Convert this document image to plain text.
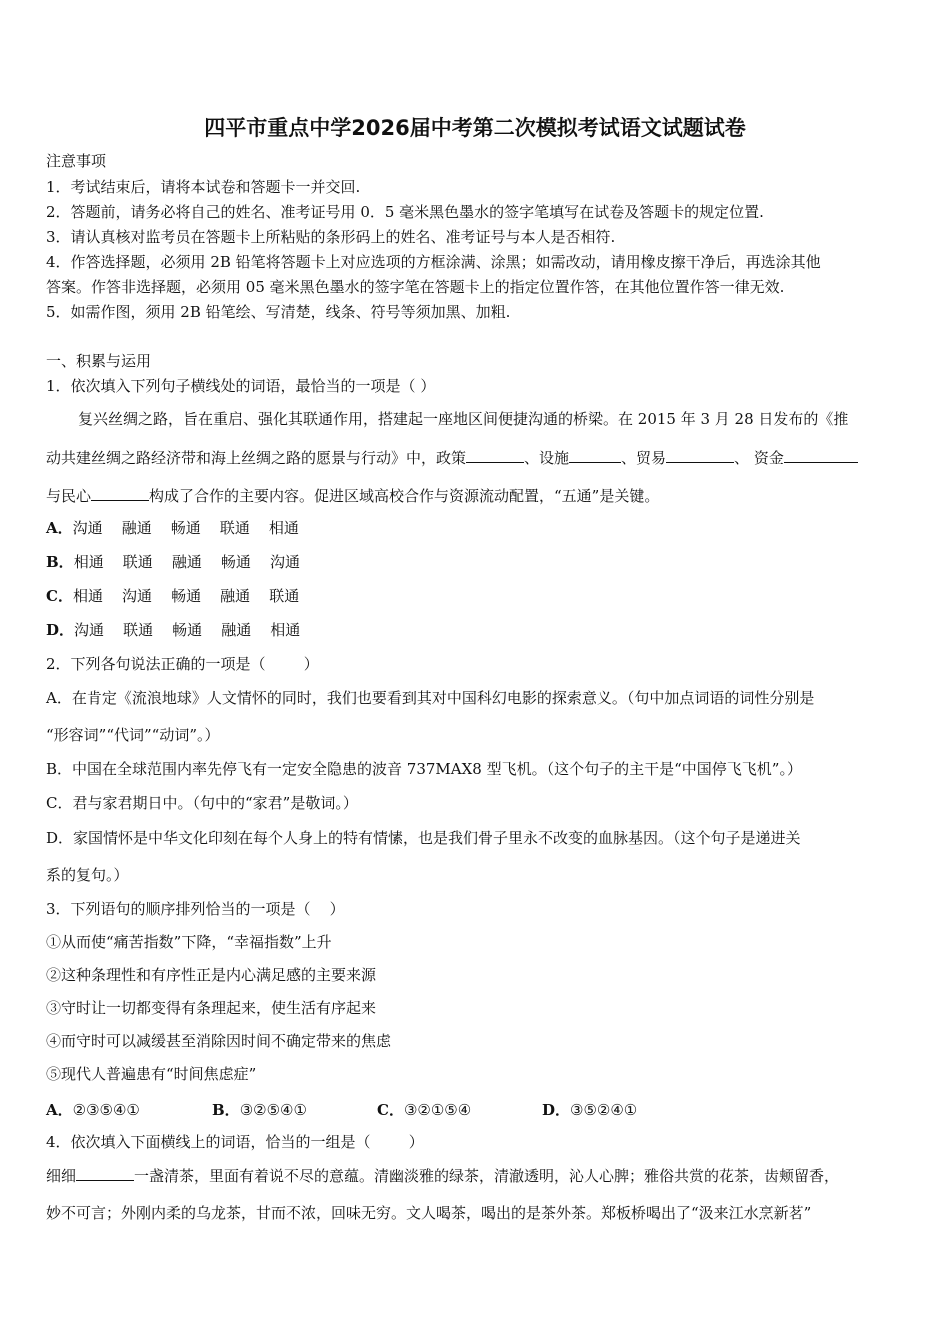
四平市重点中学2026届中考第二次模拟考试语文试题试卷
注意事项
1．考试结束后，请将本试卷和答题卡一并交回.
2．答题前，请务必将自己的姓名、准考证号用 0．5 毫米黑色墨水的签字笔填写在试卷及答题卡的规定位置.
3．请认真核对监考员在答题卡上所粘贴的条形码上的姓名、准考证号与本人是否相符.
4．作答选择题，必须用 2B 铅笔将答题卡上对应选项的方框涂满、涂黑；如需改动，请用橡皮擦干净后，再选涂其他
答案。作答非选择题，必须用 05 毫米黑色墨水的签字笔在答题卡上的指定位置作答，在其他位置作答一律无效.
5．如需作图，须用 2B 铅笔绘、写清楚，线条、符号等须加黑、加粗.
一、积累与运用
1．依次填入下列句子横线处的词语，最恰当的一项是（ ）
复兴丝绸之路，旨在重启、强化其联通作用，搭建起一座地区间便捷沟通的桥梁。在 2015 年 3 月 28 日发布的《推
动共建丝绸之路经济带和海上丝绸之路的愿景与行动》中，政策	、设施	、贸易	、 资金
与民心	构成了合作的主要内容。促进区域高校合作与资源流动配置，“五通”是关键。
A．沟通    融通    畅通    联通    相通
B．相通    联通    融通    畅通    沟通
C．相通    沟通    畅通    融通    联通
D．沟通    联通    畅通    融通    相通
2．下列各句说法正确的一项是（        ）
A．在肯定《流浪地球》人文情怀的同时，我们也要看到其对中国科幻电影的探索意义。（句中加点词语的词性分别是
“形容词”“代词”“动词”。）
B．中国在全球范围内率先停飞有一定安全隐患的波音 737MAX8 型飞机。（这个句子的主干是“中国停飞飞机”。）
C．君与家君期日中。（句中的“家君”是敬词。）
D．家国情怀是中华文化印刻在每个人身上的特有情愫，也是我们骨子里永不改变的血脉基因。（这个句子是递进关
系的复句。）
3．下列语句的顺序排列恰当的一项是（    ）
①从而使“痛苦指数”下降，“幸福指数”上升
②这种条理性和有序性正是内心满足感的主要来源
③守时让一切都变得有条理起来，使生活有序起来
④而守时可以减缓甚至消除因时间不确定带来的焦虑
⑤现代人普遍患有“时间焦虑症”
A．②③⑤④①	B．③②⑤④①	C．③②①⑤④	D．③⑤②④①
4．依次填入下面横线上的词语，恰当的一组是（        ）
细细	一盏清茶，里面有着说不尽的意蕴。清幽淡雅的绿茶，清澈透明，沁人心脾；雅俗共赏的花茶，齿颊留香，
妙不可言；外刚内柔的乌龙茶，甘而不浓，回味无穷。文人喝茶，喝出的是茶外茶。郑板桥喝出了“汲来江水烹新茗”
